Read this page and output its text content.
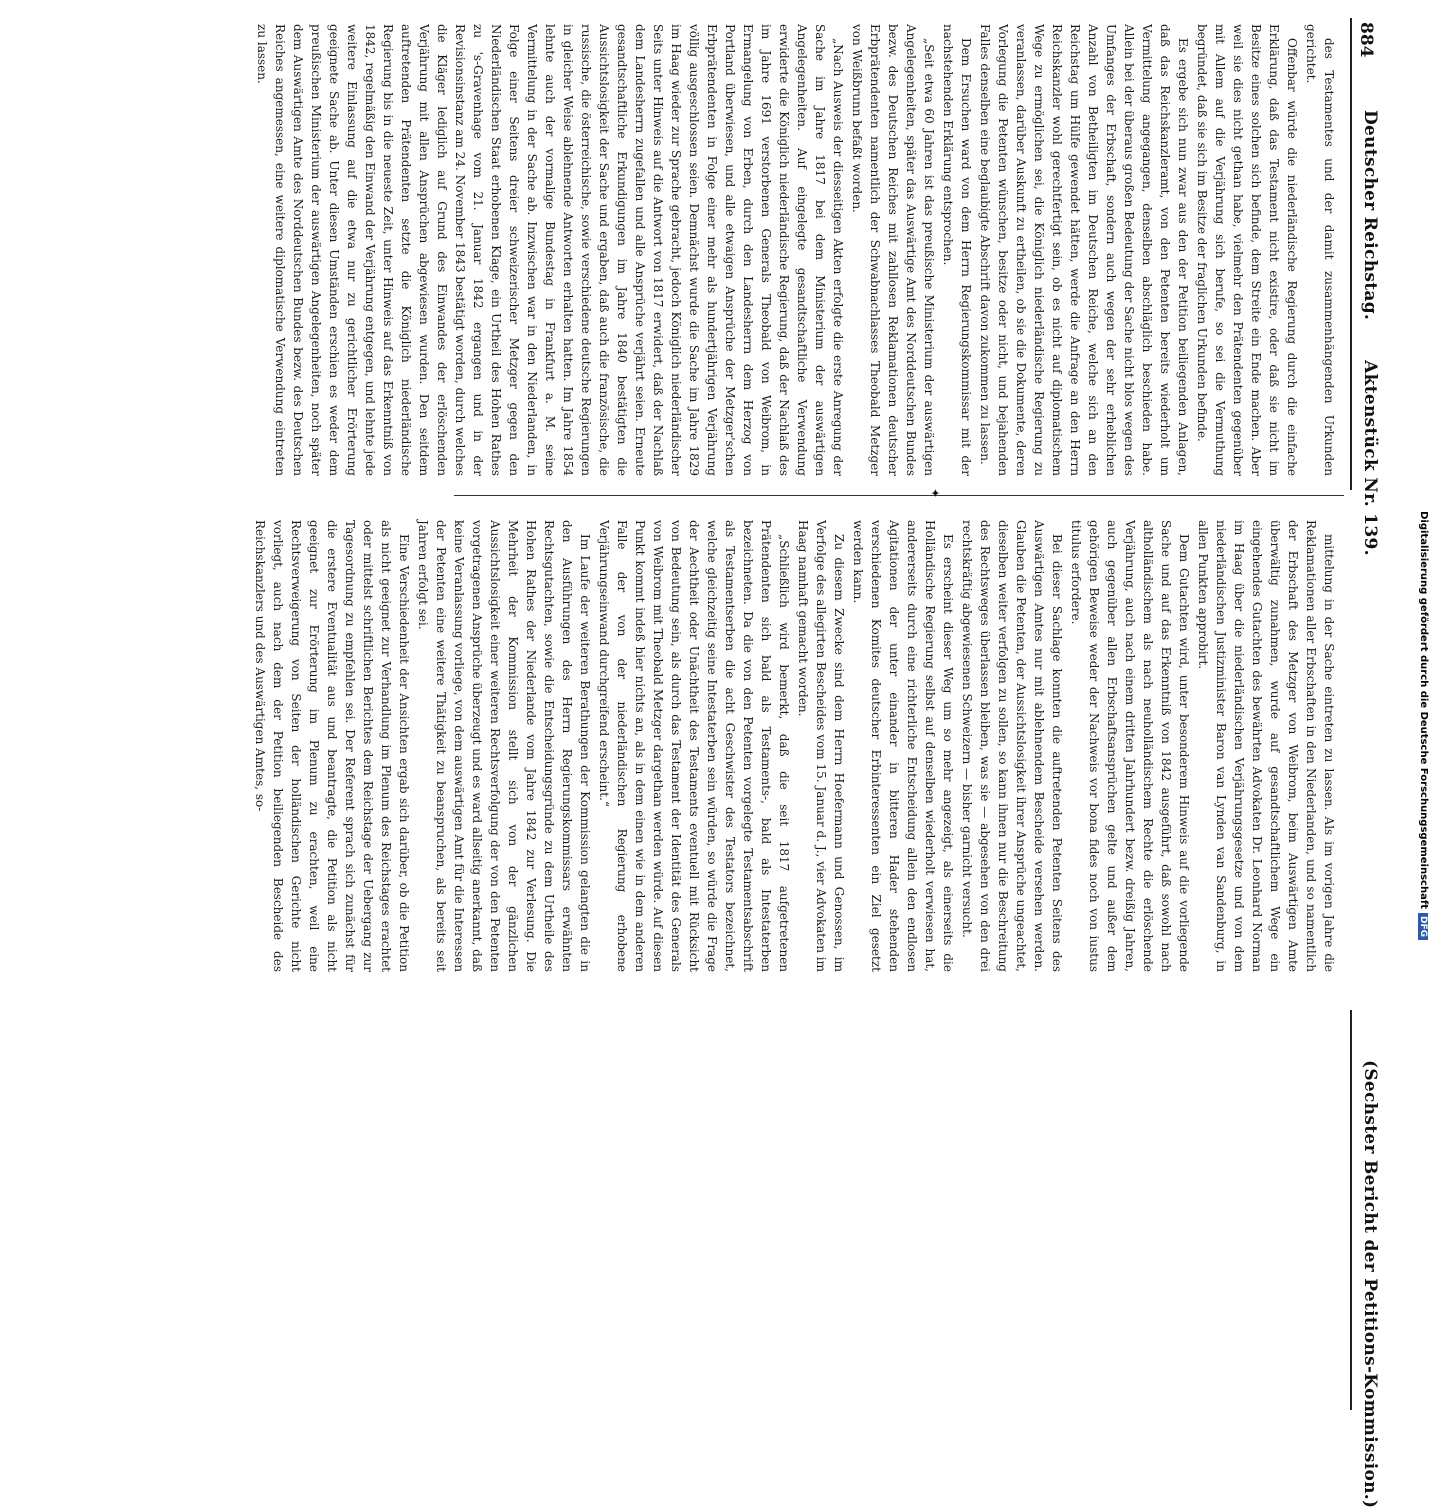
884
Deutscher Reichstag.Aktenstück Nr. 139.
(Sechster Bericht der Petitions-Kommission.)

des Testamentes und der damit zusammenhängenden Urkunden gerichtet.

Offenbar würde die niederländische Regierung durch die einfache Erklärung, daß das Testament nicht existire, oder daß sie nicht im Besitze eines solchen sich befinde, dem Streite ein Ende machen. Aber weil sie dies nicht gethan habe, vielmehr den Prätendenten gegenüber mit Allem auf die Verjährung sich berufe, so sei die Vermuthung begründet, daß sie sich im Besitze der fraglichen Urkunden befinde.

Es ergebe sich nun zwar aus den der Petition beiliegenden Anlagen, daß das Reichskanzleramt, von den Petenten bereits wiederholt um Vermittelung angegangen, denselben abschläglich beschieden habe. Allein bei der überaus großen Bedeutung der Sache nicht blos wegen des Umfanges der Erbschaft, sondern auch wegen der sehr erheblichen Anzahl von Betheiligten im Deutschen Reiche, welche sich an den Reichstag um Hülfe gewendet hätten, werde die Anfrage an den Herrn Reichskanzler wohl gerechtfertigt sein, ob es nicht auf diplomatischem Wege zu ermöglichen sei, die Königlich niederländische Regierung zu veranlassen, darüber Auskunft zu ertheilen, ob sie die Dokumente, deren Vorlegung die Petenten wünschen, besitze oder nicht, und bejahenden Falles denselben eine beglaubigte Abschrift davon zukommen zu lassen.

Dem Ersuchen ward von dem Herrn Regierungskommissar mit der nachstehenden Erklärung entsprochen.

„Seit etwa 60 Jahren ist das preußische Ministerium der auswärtigen Angelegenheiten, später das Auswärtige Amt des Norddeutschen Bundes bezw. des Deutschen Reiches mit zahllosen Reklamationen deutscher Erbprätendenten namentlich der Schwabnachlasses Theobald Metzger von Weißbrunn befaßt worden.

„Nach Ausweis der diesseitigen Akten erfolgte die erste Anregung der Sache im Jahre 1817 bei dem Ministerium der auswärtigen Angelegenheiten. Auf eingelegte gesandtschaftliche Verwendung erwiderte die Königlich niederländische Regierung, daß der Nachlaß des im Jahre 1691 verstorbenen Generals Theobald von Weibrom, in Ermangelung von Erben, durch den Landesherrn dem Herzog von Portland überwiesen, und alle etwaigen Ansprüche der Metzger'schen Erbprätendenten in Folge einer mehr als hundertjährigen Verjährung völlig ausgeschlossen seien. Demnächst wurde die Sache im Jahre 1829 im Haag wieder zur Sprache gebracht, jedoch Königlich niederländischer Seits unter Hinweis auf die Antwort von 1817 erwidert, daß der Nachlaß dem Landesherrn zugefallen und alle Ansprüche verjährt seien. Erneute gesandtschaftliche Erkundigungen im Jahre 1840 bestätigten die Aussichtslosigkeit der Sache und ergaben, daß auch die französische, die russische, die österreichische, sowie verschiedene deutsche Regierungen in gleicher Weise ablehnende Antworten erhalten hatten. Im Jahre 1854 lehnte auch der vormalige Bundestag in Frankfurt a. M. seine Vermittelung in der Sache ab. Inzwischen war in den Niederlanden, in Folge einer Seitens dreier schweizerischer Metzger gegen den Niederländischen Staat erhobenen Klage, ein Urtheil des Hohen Rathes zu 's-Gravenhage vom 21. Januar 1842 ergangen und in der Revisionsinstanz am 24. November 1843 bestätigt worden, durch welches die Kläger lediglich auf Grund des Einwandes der erlöschenden Verjährung mit allen Ansprüchen abgewiesen wurden. Den seitdem auftretenden Prätendenten setzte die Königlich niederländische Regierung bis in die neueste Zeit, unter Hinweis auf das Erkenntniß von 1842, regelmäßig den Einwand der Verjährung entgegen, und lehnte jede weitere Einlassung auf die etwa nur zu gerichtlicher Erörterung geeignete Sache ab. Unter diesen Umständen erschien es weder dem preußischen Ministerium der auswärtigen Angelegenheiten, noch später dem Auswärtigen Amte des Norddeutschen Bundes bezw. des Deutschen Reiches angemessen, eine weitere diplomatische Verwendung eintreten zu lassen.

✦

mittelung in der Sache eintreten zu lassen. Als im vorigen Jahre die Reklamationen aller Erbschaften in den Niederlanden, und so namentlich der Erbschaft des Metzger von Weibrom, beim Auswärtigen Amte überwältig zunahmen, wurde auf gesandtschaftlichem Wege ein eingehendes Gutachten des bewährten Advokaten Dr. Leonhard Norman im Haag über die niederländischen Verjährungsgesetze und von dem niederländischen Justizminister Baron van Lynden van Sandenburg, in allen Punkten approbirt.

Dem Gutachten wird, unter besonderem Hinweis auf die vorliegende Sache und auf das Erkenntniß von 1842 ausgeführt, daß sowohl nach altholländischem als nach neuholländischem Rechte die erlöschende Verjährung, auch nach einem dritten Jahrhundert bezw. dreißig Jahren, auch gegenüber allen Erbschaftsansprüchen gelte und außer dem gehörigen Beweise weder der Nachweis vor bona fides noch von iustus titulus erfordere.

Bei dieser Sachlage konnten die auftretenden Petenten Seitens des Auswärtigen Amtes nur mit ablehnendem Bescheide versehen werden. Glauben die Petenten, der Aussichtslosigkeit ihrer Ansprüche ungeachtet, dieselben weiter verfolgen zu sollen, so kann ihnen nur die Beschreitung des Rechtsweges überlassen bleiben, was sie — abgesehen von den drei rechtskräftig abgewiesenen Schweizern — bisher garnicht versucht.

Es erscheint dieser Weg um so mehr angezeigt, als einerseits die Holländische Regierung selbst auf denselben wiederholt verwiesen hat, andererseits durch eine richterliche Entscheidung allein den endlosen Agitationen der unter einander in bitteren Hader stehenden verschiedenen Komites deutscher Erbinteressenten ein Ziel gesetzt werden kann.

Zu diesem Zwecke sind dem Herrn Hoefermann und Genossen, im Verfolge des allegirten Bescheides vom 15. Januar d. J., vier Advokaten im Haag namhaft gemacht worden.

„Schließlich wird bemerkt, daß die seit 1817 aufgetretenen Prätendenten sich bald als Testaments-, bald als Intestaterben bezeichneten. Da die von den Petenten vorgelegte Testamentsabschrift als Testamentserben die acht Geschwister des Testators bezeichnet, welche gleichzeitig seine Intestaterben sein würden, so würde die Frage der Aechtheit oder Unächtheit des Testaments eventuell mit Rücksicht von Bedeutung sein, als durch das Testament der Identität des Generals von Weibrom mit Theobald Metzger dargethan werden würde. Auf diesen Punkt kommt indeß hier nichts an, als in dem einen wie in dem anderen Falle der von der niederländischen Regierung erhobene Verjährungseinwand durchgreifend erscheint.“

Im Laufe der weiteren Berathungen der Kommission gelangten die in den Ausführungen des Herrn Regierungskommissars erwähnten Rechtsgutachten, sowie die Entscheidungsgründe zu dem Urtheile des Hohen Rathes der Niederlande vom Jahre 1842 zur Verlesung. Die Mehrheit der Kommission stellt sich von der gänzlichen Aussichtslosigkeit einer weiteren Rechtsverfolgung der von den Petenten vorgetragenen Ansprüche überzeugt und es ward allseitig anerkannt, daß keine Veranlassung vorliege, von dem auswärtigen Amt für die Interessen der Petenten eine weitere Thätigkeit zu beanspruchen, als bereits seit Jahren erfolgt sei.

Eine Verschiedenheit der Ansichten ergab sich darüber, ob die Petition als nicht geeignet zur Verhandlung im Plenum des Reichstages erachtet oder mittelst schriftlichen Berichtes dem Reichstage der Uebergang zur Tagesordnung zu empfehlen sei. Der Referent sprach sich zunächst für die erstere Eventualität aus und beantragte, die Petition als nicht geeignet zur Erörterung im Plenum zu erachten, weil eine Rechtsverweigerung von Seiten der holländischen Gerichte nicht vorliegt, auch nach dem der Petition beiliegenden Bescheide des Reichskanzlers und des Auswärtigen Amtes, so-	Digitalisierung gefördert durch die Deutsche ForschungsgemeinschaftDFG
